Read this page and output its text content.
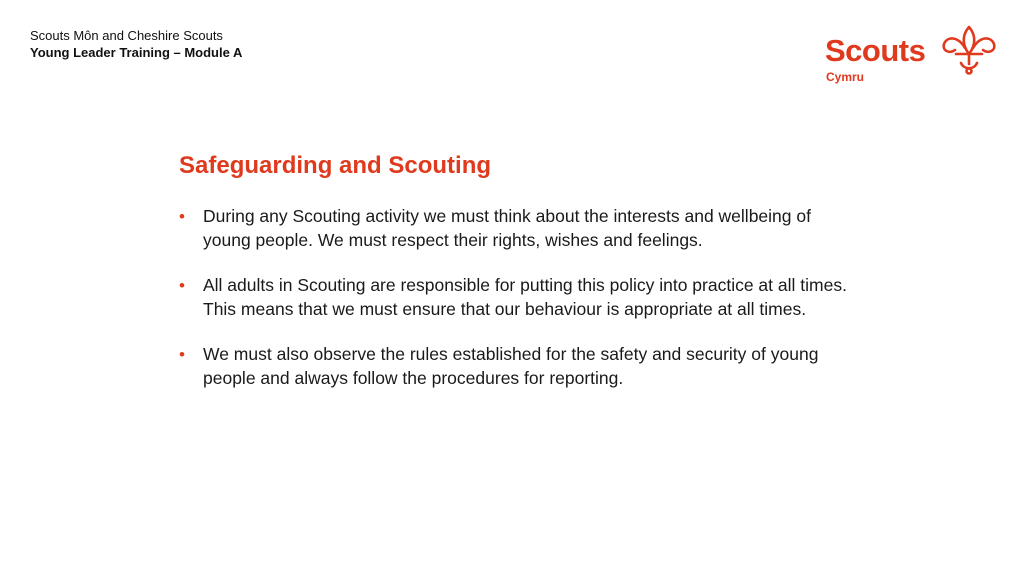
Scouts Môn and Cheshire Scouts
Young Leader Training – Module A	Scouts
Cymru
Safeguarding and Scouting
• During any Scouting activity we must think about the interests and wellbeing of young people. We must respect their rights, wishes and feelings.
• All adults in Scouting are responsible for putting this policy into practice at all times. This means that we must ensure that our behaviour is appropriate at all times.
• We must also observe the rules established for the safety and security of young people and always follow the procedures for reporting.
